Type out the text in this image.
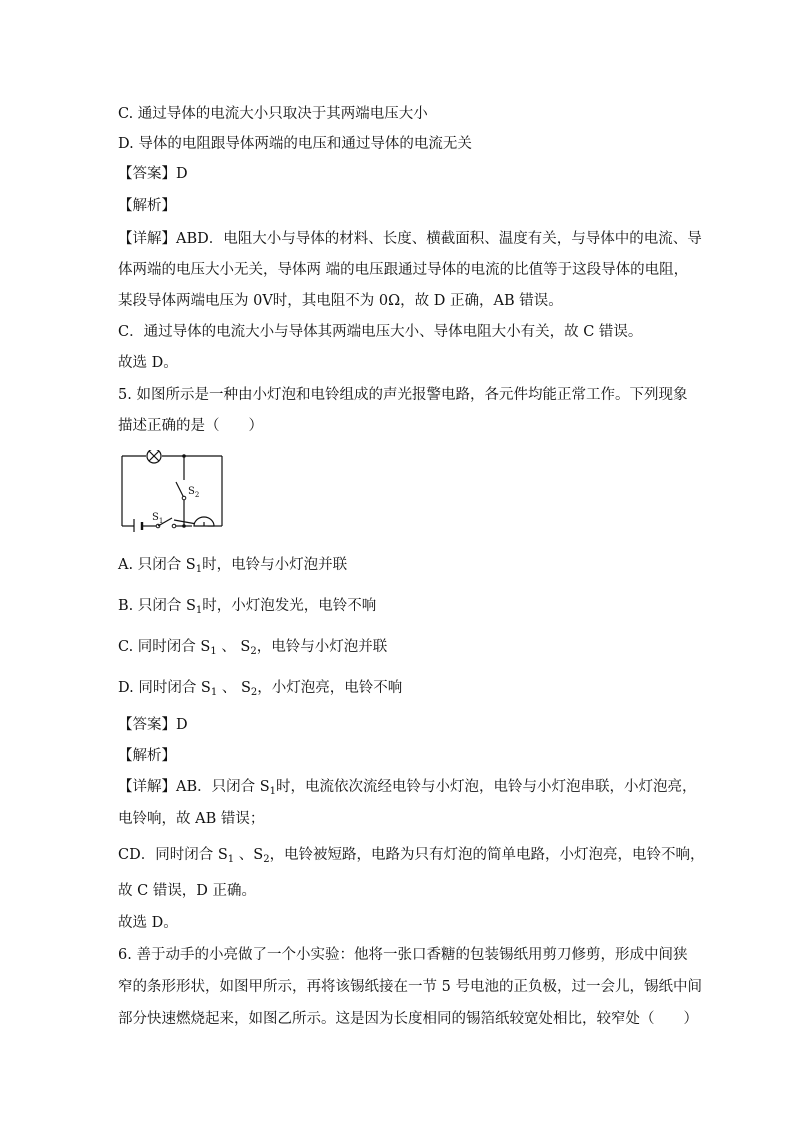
C. 通过导体的电流大小只取决于其两端电压大小
D. 导体的电阻跟导体两端的电压和通过导体的电流无关
【答案】D
【解析】
【详解】ABD．电阻大小与导体的材料、长度、横截面积、温度有关，与导体中的电流、导
体两端的电压大小无关，导体两 端的电压跟通过导体的电流的比值等于这段导体的电阻，
某段导体两端电压为 0V时，其电阻不为 0Ω，故 D 正确，AB 错误。
C．通过导体的电流大小与导体其两端电压大小、导体电阻大小有关，故 C 错误。
故选 D。
5. 如图所示是一种由小灯泡和电铃组成的声光报警电路，各元件均能正常工作。下列现象
描述正确的是（　　）
$S_1$
$S_2$
A. 只闭合 $S_1$时，电铃与小灯泡并联
B. 只闭合 $S_1$时，小灯泡发光，电铃不响
C. 同时闭合 $S_1$ 、 $S_2$，电铃与小灯泡并联
D. 同时闭合 $S_1$ 、 $S_2$，小灯泡亮，电铃不响
【答案】D
【解析】
【详解】AB．只闭合 $S_1$时，电流依次流经电铃与小灯泡，电铃与小灯泡串联，小灯泡亮，
电铃响，故 AB 错误；
CD．同时闭合 $S_1$ 、$S_2$，电铃被短路，电路为只有灯泡的简单电路，小灯泡亮，电铃不响，
故 C 错误，D 正确。
故选 D。
6. 善于动手的小亮做了一个小实验：他将一张口香糖的包装锡纸用剪刀修剪，形成中间狭
窄的条形形状，如图甲所示，再将该锡纸接在一节 5 号电池的正负极，过一会儿，锡纸中间
部分快速燃烧起来，如图乙所示。这是因为长度相同的锡箔纸较宽处相比，较窄处（　　）
